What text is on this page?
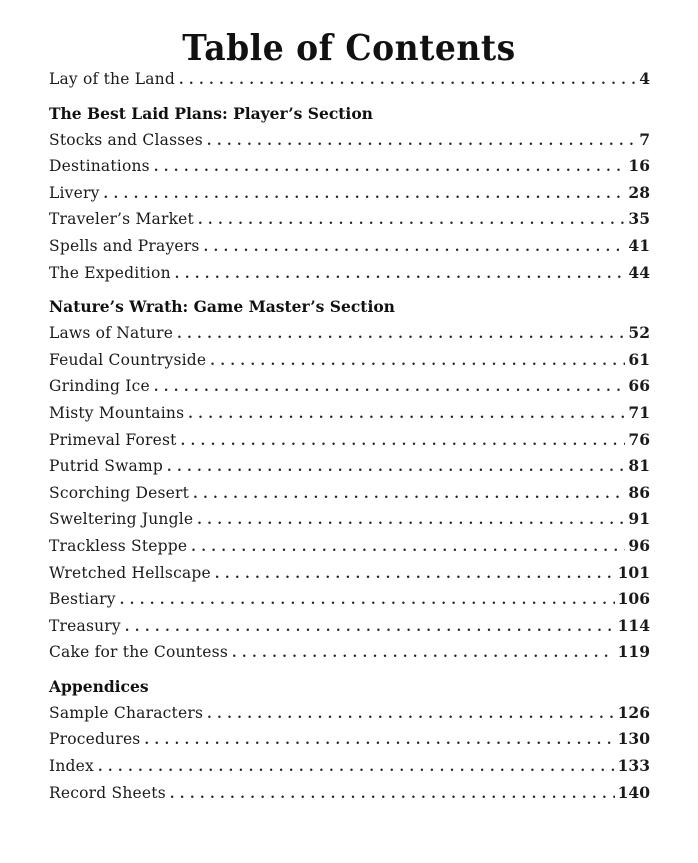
Table of Contents
Lay of the Land . . .	4
The Best Laid Plans: Player’s Section
Stocks and Classes . . .	7
Destinations . . .	16
Livery . . .	28
Traveler’s Market . . .	35
Spells and Prayers . . .	41
The Expedition . . .	44
Nature’s Wrath: Game Master’s Section
Laws of Nature . . .	52
Feudal Countryside . . .	61
Grinding Ice . . .	66
Misty Mountains . . .	71
Primeval Forest . . .	76
Putrid Swamp . . .	81
Scorching Desert . . .	86
Sweltering Jungle . . .	91
Trackless Steppe . . .	96
Wretched Hellscape . . .	101
Bestiary . . .	106
Treasury . . .	114
Cake for the Countess . . .	119
Appendices
Sample Characters . . .	126
Procedures . . .	130
Index . . .	133
Record Sheets . . .	140
